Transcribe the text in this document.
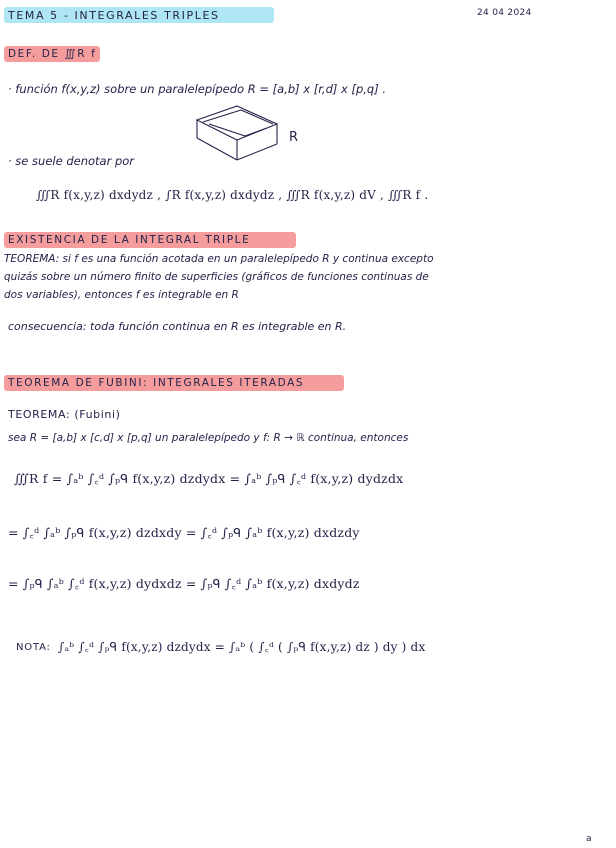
TEMA 5 - INTEGRALES TRIPLES	24 04 2024
DEF. DE ∭R f
· función f(x,y,z) sobre un paralelepípedo R = [a,b] x [r,d] x [p,q] .
R
· se suele denotar por
∭R f(x,y,z) dxdydz , ∫R f(x,y,z) dxdydz , ∭R f(x,y,z) dV , ∭R f .
EXISTENCIA DE LA INTEGRAL TRIPLE
TEOREMA: si f es una función acotada en un paralelepípedo R y continua excepto
quizás sobre un número finito de superficies (gráficos de funciones continuas de
dos variables), entonces f es integrable en R
consecuencia: toda función continua en R es integrable en R.
TEOREMA DE FUBINI: INTEGRALES ITERADAS
TEOREMA: (Fubini)
sea R = [a,b] x [c,d] x [p,q] un paralelepípedo y f: R → ℝ continua, entonces
∭R f = ∫ₐᵇ ∫꜀ᵈ ∫ₚᑫ f(x,y,z) dzdydx = ∫ₐᵇ ∫ₚᑫ ∫꜀ᵈ f(x,y,z) dydzdx
= ∫꜀ᵈ ∫ₐᵇ ∫ₚᑫ f(x,y,z) dzdxdy = ∫꜀ᵈ ∫ₚᑫ ∫ₐᵇ f(x,y,z) dxdzdy
= ∫ₚᑫ ∫ₐᵇ ∫꜀ᵈ f(x,y,z) dydxdz = ∫ₚᑫ ∫꜀ᵈ ∫ₐᵇ f(x,y,z) dxdydz
NOTA: ∫ₐᵇ ∫꜀ᵈ ∫ₚᑫ f(x,y,z) dzdydx = ∫ₐᵇ ( ∫꜀ᵈ ( ∫ₚᑫ f(x,y,z) dz ) dy ) dx
a
